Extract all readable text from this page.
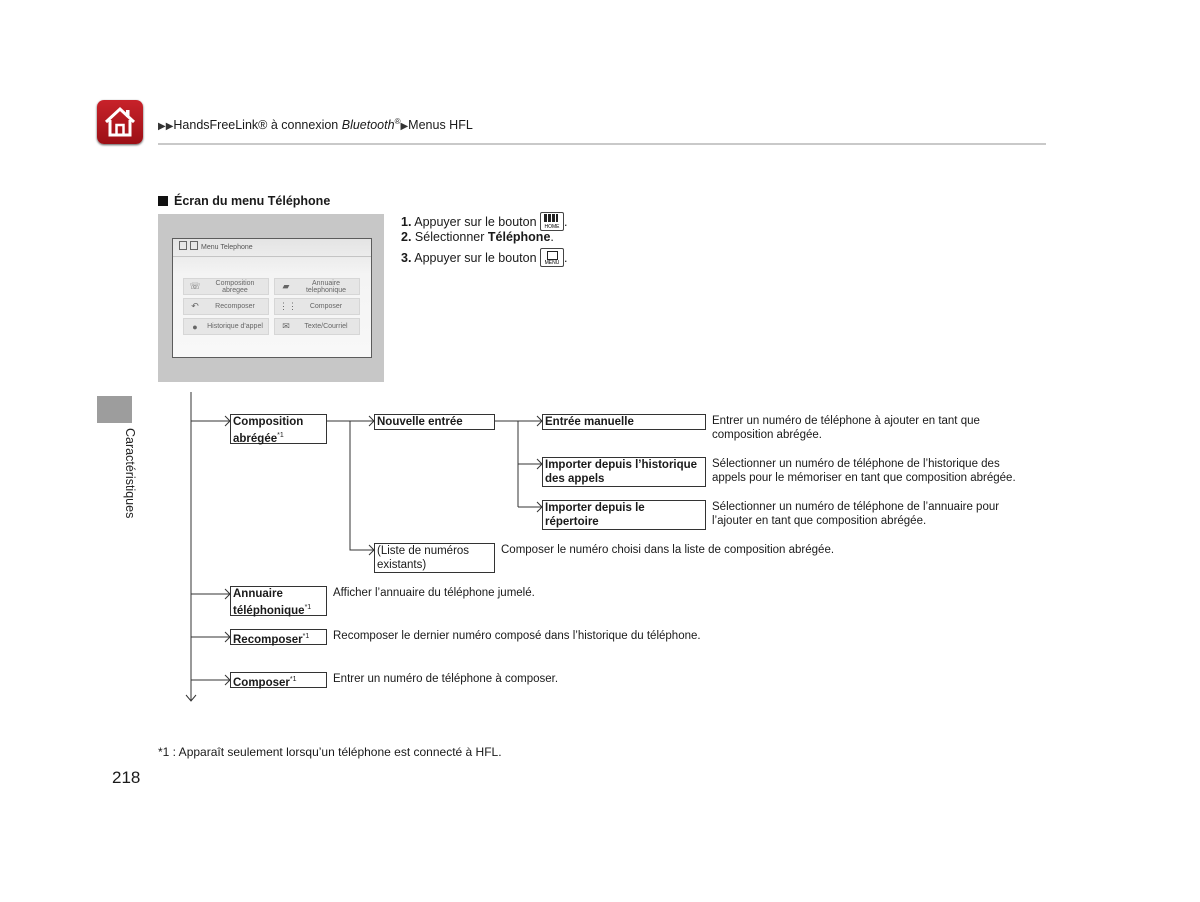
▶▶HandsFreeLink® à connexion Bluetooth®▶Menus HFL
Caractéristiques
Écran du menu Téléphone
Menu Telephone
☏	Composition abregee	▰	Annuaire telephonique
↶	Recomposer	⋮⋮	Composer
●	Historique d'appel	✉	Texte/Courriel
1. Appuyer sur le bouton HOME .
2. Sélectionner Téléphone.
3. Appuyer sur le bouton MENU .
Composition
abrégée$^{*1}$
Nouvelle entrée	Entrée manuelle	Entrer un numéro de téléphone à ajouter en tant que
composition abrégée.
Importer depuis l’historique
des appels
Sélectionner un numéro de téléphone de l’historique des
appels pour le mémoriser en tant que composition abrégée.
Importer depuis le
répertoire
Sélectionner un numéro de téléphone de l’annuaire pour
l’ajouter en tant que composition abrégée.
(Liste de numéros
existants)
Composer le numéro choisi dans la liste de composition abrégée.
Annuaire
téléphonique$^{*1}$
Afficher l’annuaire du téléphone jumelé.
Recomposer$^{*1}$	Recomposer le dernier numéro composé dans l’historique du téléphone.
Composer$^{*1}$	Entrer un numéro de téléphone à composer.
*1 : Apparaît seulement lorsqu’un téléphone est connecté à HFL.
218
